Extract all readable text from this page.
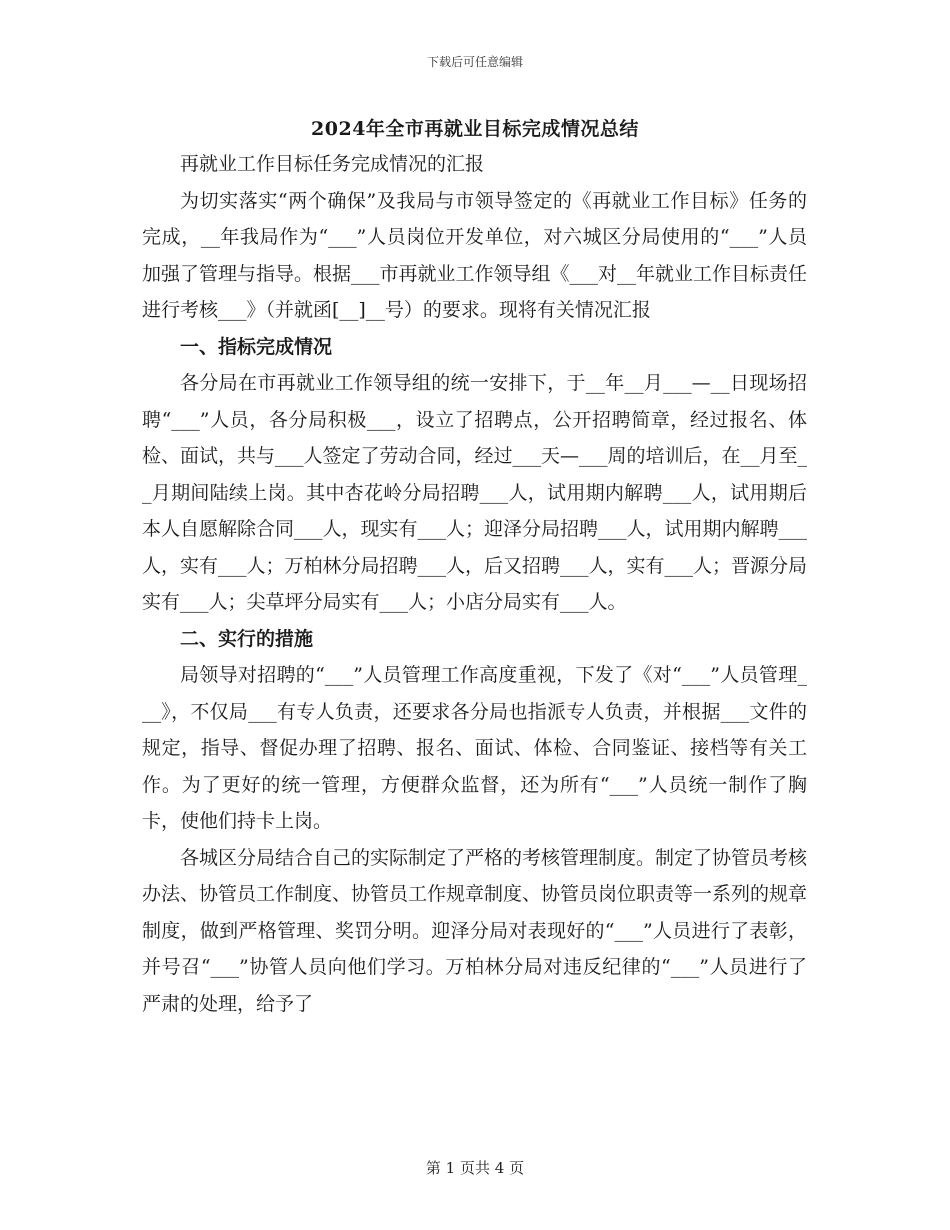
下载后可任意编辑
2024年全市再就业目标完成情况总结

再就业工作目标任务完成情况的汇报

为切实落实“两个确保”及我局与市领导签定的《再就业工作目标》任务的完成，__年我局作为“___”人员岗位开发单位，对六城区分局使用的“___”人员加强了管理与指导。根据___市再就业工作领导组《___对__年就业工作目标责任进行考核___》（并就函[__]__号）的要求。现将有关情况汇报

一、指标完成情况

各分局在市再就业工作领导组的统一安排下，于__年__月___—__日现场招聘“___”人员，各分局积极___，设立了招聘点，公开招聘简章，经过报名、体检、面试，共与___人签定了劳动合同，经过___天—___周的培训后，在__月至__月期间陆续上岗。其中杏花岭分局招聘___人，试用期内解聘___人，试用期后本人自愿解除合同___人，现实有___人；迎泽分局招聘___人，试用期内解聘___人，实有___人；万柏林分局招聘___人，后又招聘___人，实有___人；晋源分局实有___人；尖草坪分局实有___人；小店分局实有___人。

二、实行的措施

局领导对招聘的“___”人员管理工作高度重视，下发了《对“___”人员管理___》，不仅局___有专人负责，还要求各分局也指派专人负责，并根据___文件的规定，指导、督促办理了招聘、报名、面试、体检、合同鉴证、接档等有关工作。为了更好的统一管理，方便群众监督，还为所有“___”人员统一制作了胸卡，使他们持卡上岗。

各城区分局结合自己的实际制定了严格的考核管理制度。制定了协管员考核办法、协管员工作制度、协管员工作规章制度、协管员岗位职责等一系列的规章制度，做到严格管理、奖罚分明。迎泽分局对表现好的“___”人员进行了表彰，并号召“___”协管人员向他们学习。万柏林分局对违反纪律的“___”人员进行了严肃的处理，给予了

第 1 页共 4 页
